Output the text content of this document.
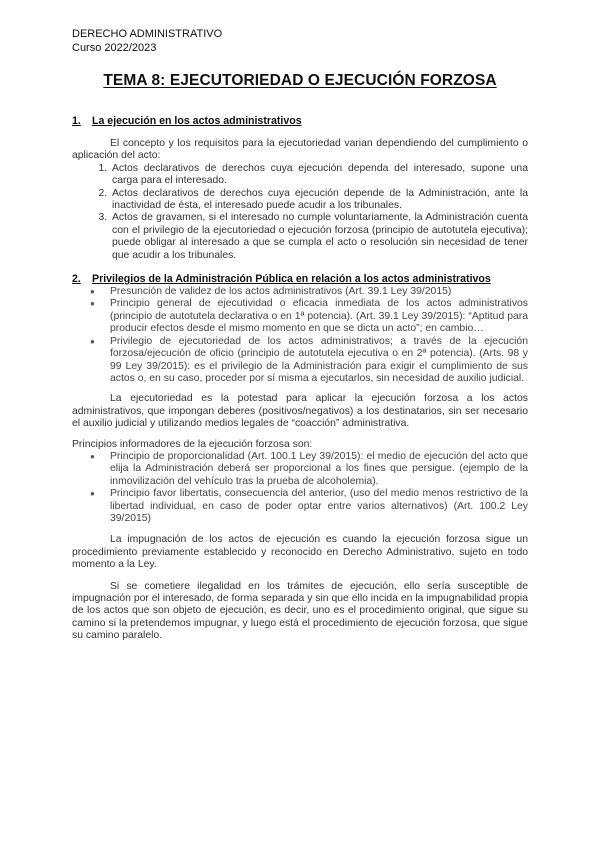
DERECHO ADMINISTRATIVO
Curso 2022/2023
TEMA 8: EJECUTORIEDAD O EJECUCIÓN FORZOSA
1.	La ejecución en los actos administrativos

El concepto y los requisitos para la ejecutoriedad varian dependiendo del cumplimiento o aplicación del acto:

1. Actos declarativos de derechos cuya ejecución dependa del interesado, supone una carga para el interesado.
2. Actos declarativos de derechos cuya ejecución depende de la Administración, ante la inactividad de ésta, el interesado puede acudir a los tribunales.
3. Actos de gravamen, si el interesado no cumple voluntariamente, la Administración cuenta con el privilegio de la ejecutoriedad o ejecución forzosa (principio de autotutela ejecutiva); puede obligar al interesado a que se cumpla el acto o resolución sin necesidad de tener que acudir a los tribunales.
2.	Privilegios de la Administración Pública en relación a los actos administrativos
● Presunción de validez de los actos administrativos (Art. 39.1 Ley 39/2015)
● Principio general de ejecutividad o eficacia inmediata de los actos administrativos (principio de autotutela declarativa o en 1ª potencia). (Art. 39.1 Ley 39/2015): “Aptitud para producir efectos desde el mismo momento en que se dicta un acto”; en cambio…
● Privilegio de ejecutoriedad de los actos administrativos; a través de la ejecución forzosa/ejecución de oficio (principio de autotutela ejecutiva o en 2ª potencia). (Arts. 98 y 99 Ley 39/2015): es el privilegio de la Administración para exigir el cumplimiento de sus actos o, en su caso, proceder por sí misma a ejecutarlos, sin necesidad de auxilio judicial.

La ejecutoriedad es la potestad para aplicar la ejecución forzosa a los actos administrativos, que impongan deberes (positivos/negativos) a los destinatarios, sin ser necesario el auxilio judicial y utilizando medios legales de “coacción” administrativa.

Principios informadores de la ejecución forzosa son:

● Principio de proporcionalidad (Art. 100.1 Ley 39/2015): el medio de ejecución del acto que elija la Administración deberá ser proporcional a los fines que persigue. (ejemplo de la inmovilización del vehículo tras la prueba de alcoholemia).
● Principio favor libertatis, consecuencia del anterior, (uso del medio menos restrictivo de la libertad individual, en caso de poder optar entre varios alternativos) (Art. 100.2 Ley 39/2015)

La impugnación de los actos de ejecución es cuando la ejecución forzosa sigue un procedimiento previamente establecido y reconocido en Derecho Administrativo, sujeto en todo momento a la Ley.

Si se cometiere ilegalidad en los trámites de ejecución, ello sería susceptible de impugnación por el interesado, de forma separada y sin que ello incida en la impugnabilidad propia de los actos que son objeto de ejecución, es decir, uno es el procedimiento original, que sigue su camino si la pretendemos impugnar, y luego está el procedimiento de ejecución forzosa, que sigue su camino paralelo.
